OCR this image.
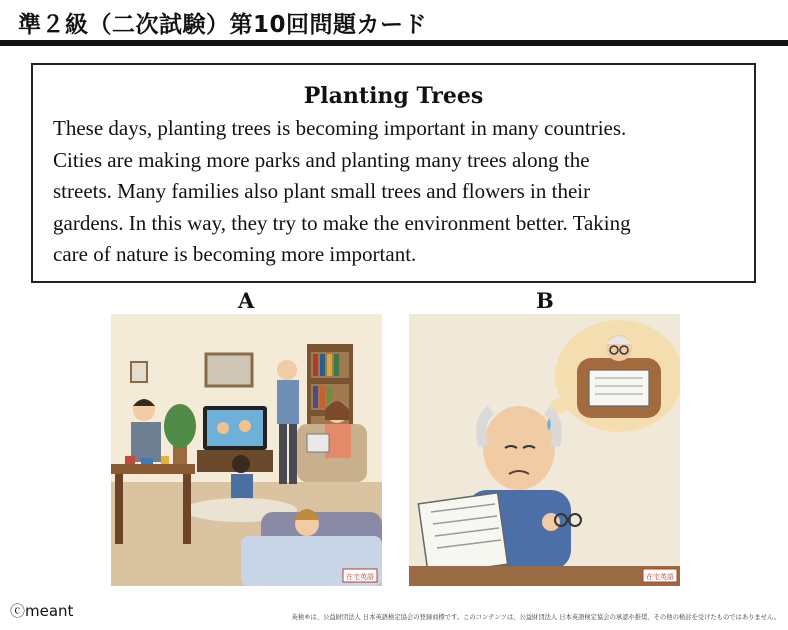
準２級（二次試験）第10回問題カード
Planting Trees
These days, planting trees is becoming important in many countries.
Cities are making more parks and planting many trees along the
streets. Many families also plant small trees and flowers in their
gardens. In this way, they try to make the environment better. Taking
care of nature is becoming more important.
A	B
在宅英語	在宅英語
ⓒmeant	英検®は、公益財団法人 日本英語検定協会の登録商標です。このコンテンツは、公益財団法人 日本英語検定協会の承認や推奨、その他の検討を受けたものではありません。
